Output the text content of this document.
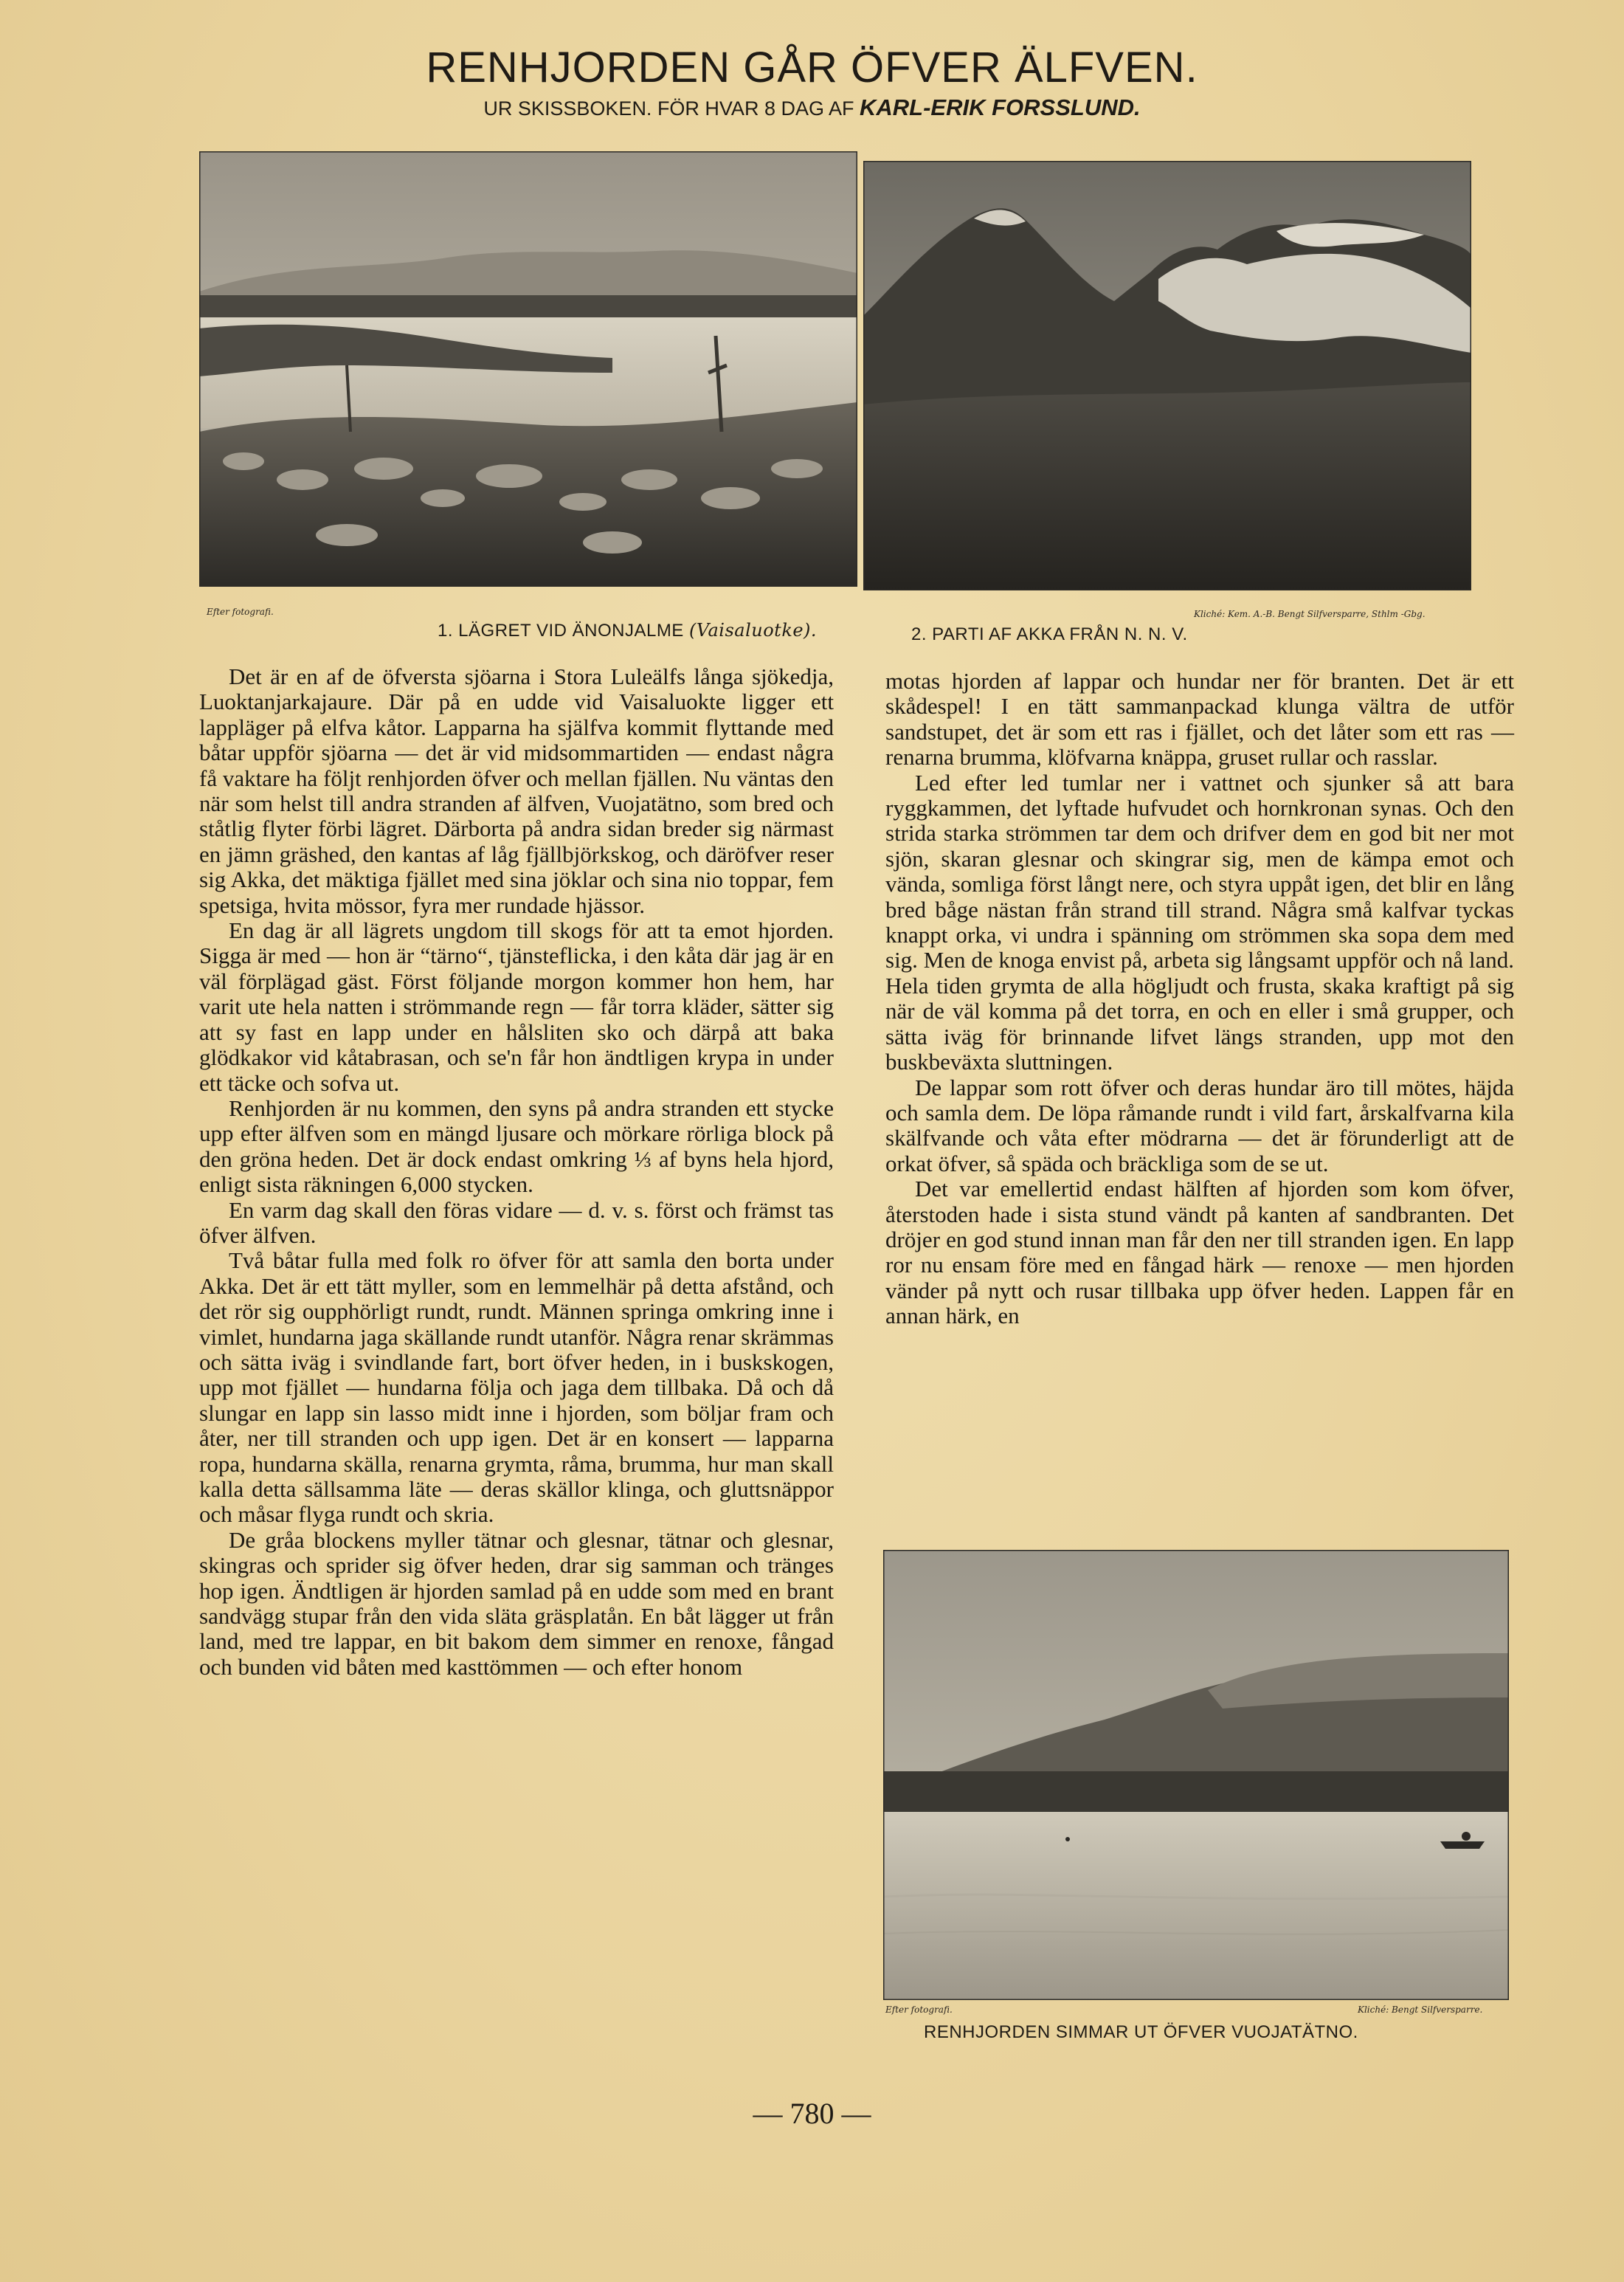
RENHJORDEN GÅR ÖFVER ÄLFVEN.
UR SKISSBOKEN. FÖR HVAR 8 DAG AF KARL-ERIK FORSSLUND.
Efter fotografi.	Kliché: Kem. A.-B. Bengt Silfversparre, Sthlm -Gbg.
1. LÄGRET VID ÄNONJALME (Vaisaluotke).	2. PARTI AF AKKA FRÅN N. N. V.

Det är en af de öfversta sjöarna i Stora Luleälfs långa sjökedja, Luoktanjarkajaure. Där på en udde vid Vaisaluokte ligger ett lappläger på elfva kåtor. Lapparna ha själfva kommit flyttande med båtar uppför sjöarna — det är vid midsommartiden — endast några få vaktare ha följt renhjorden öfver och mellan fjällen. Nu väntas den när som helst till andra stranden af älfven, Vuojatätno, som bred och ståtlig flyter förbi lägret. Därborta på andra sidan breder sig närmast en jämn gräshed, den kantas af låg fjällbjörkskog, och däröfver reser sig Akka, det mäktiga fjället med sina jöklar och sina nio toppar, fem spetsiga, hvita mössor, fyra mer rundade hjässor.

En dag är all lägrets ungdom till skogs för att ta emot hjorden. Sigga är med — hon är “tärno“, tjänsteflicka, i den kåta där jag är en väl förplägad gäst. Först följande morgon kommer hon hem, har varit ute hela natten i strömmande regn — får torra kläder, sätter sig att sy fast en lapp under en hålsliten sko och därpå att baka glödkakor vid kåtabrasan, och se'n får hon ändtligen krypa in under ett täcke och sofva ut.

Renhjorden är nu kommen, den syns på andra stranden ett stycke upp efter älfven som en mängd ljusare och mörkare rörliga block på den gröna heden. Det är dock endast omkring ⅓ af byns hela hjord, enligt sista räkningen 6,000 stycken.

En varm dag skall den föras vidare — d. v. s. först och främst tas öfver älfven.

Två båtar fulla med folk ro öfver för att samla den borta under Akka. Det är ett tätt myller, som en lemmelhär på detta afstånd, och det rör sig oupphörligt rundt, rundt. Männen springa omkring inne i vimlet, hundarna jaga skällande rundt utanför. Några renar skrämmas och sätta iväg i svindlande fart, bort öfver heden, in i buskskogen, upp mot fjället — hundarna följa och jaga dem tillbaka. Då och då slungar en lapp sin lasso midt inne i hjorden, som böljar fram och åter, ner till stranden och upp igen. Det är en konsert — lapparna ropa, hundarna skälla, renarna grymta, råma, brumma, hur man skall kalla detta sällsamma läte — deras skällor klinga, och gluttsnäppor och måsar flyga rundt och skria.

De gråa blockens myller tätnar och glesnar, tätnar och glesnar, skingras och sprider sig öfver heden, drar sig samman och tränges hop igen. Ändtligen är hjorden samlad på en udde som med en brant sandvägg stupar från den vida släta gräsplatån. En båt lägger ut från land, med tre lappar, en bit bakom dem simmer en renoxe, fångad och bunden vid båten med kasttömmen — och efter honom

motas hjorden af lappar och hundar ner för branten. Det är ett skådespel! I en tätt sammanpackad klunga vältra de utför sandstupet, det är som ett ras i fjället, och det låter som ett ras — renarna brumma, klöfvarna knäppa, gruset rullar och rasslar.

Led efter led tumlar ner i vattnet och sjunker så att bara ryggkammen, det lyftade hufvudet och hornkronan synas. Och den strida starka strömmen tar dem och drifver dem en god bit ner mot sjön, skaran glesnar och skingrar sig, men de kämpa emot och vända, somliga först långt nere, och styra uppåt igen, det blir en lång bred båge nästan från strand till strand. Några små kalfvar tyckas knappt orka, vi undra i spänning om strömmen ska sopa dem med sig. Men de knoga envist på, arbeta sig långsamt uppför och nå land. Hela tiden grymta de alla högljudt och frusta, skaka kraftigt på sig när de väl komma på det torra, en och en eller i små grupper, och sätta iväg för brinnande lifvet längs stranden, upp mot den buskbeväxta sluttningen.

De lappar som rott öfver och deras hundar äro till mötes, häjda och samla dem. De löpa råmande rundt i vild fart, årskalfvarna kila skälfvande och våta efter mödrarna — det är förunderligt att de orkat öfver, så späda och bräckliga som de se ut.

Det var emellertid endast hälften af hjorden som kom öfver, återstoden hade i sista stund vändt på kanten af sandbranten. Det dröjer en god stund innan man får den ner till stranden igen. En lapp ror nu ensam före med en fångad härk — renoxe — men hjorden vänder på nytt och rusar tillbaka upp öfver heden. Lappen får en annan härk, en

Efter fotografi.	Kliché: Bengt Silfversparre.
RENHJORDEN SIMMAR UT ÖFVER VUOJATÄTNO.
— 780 —
